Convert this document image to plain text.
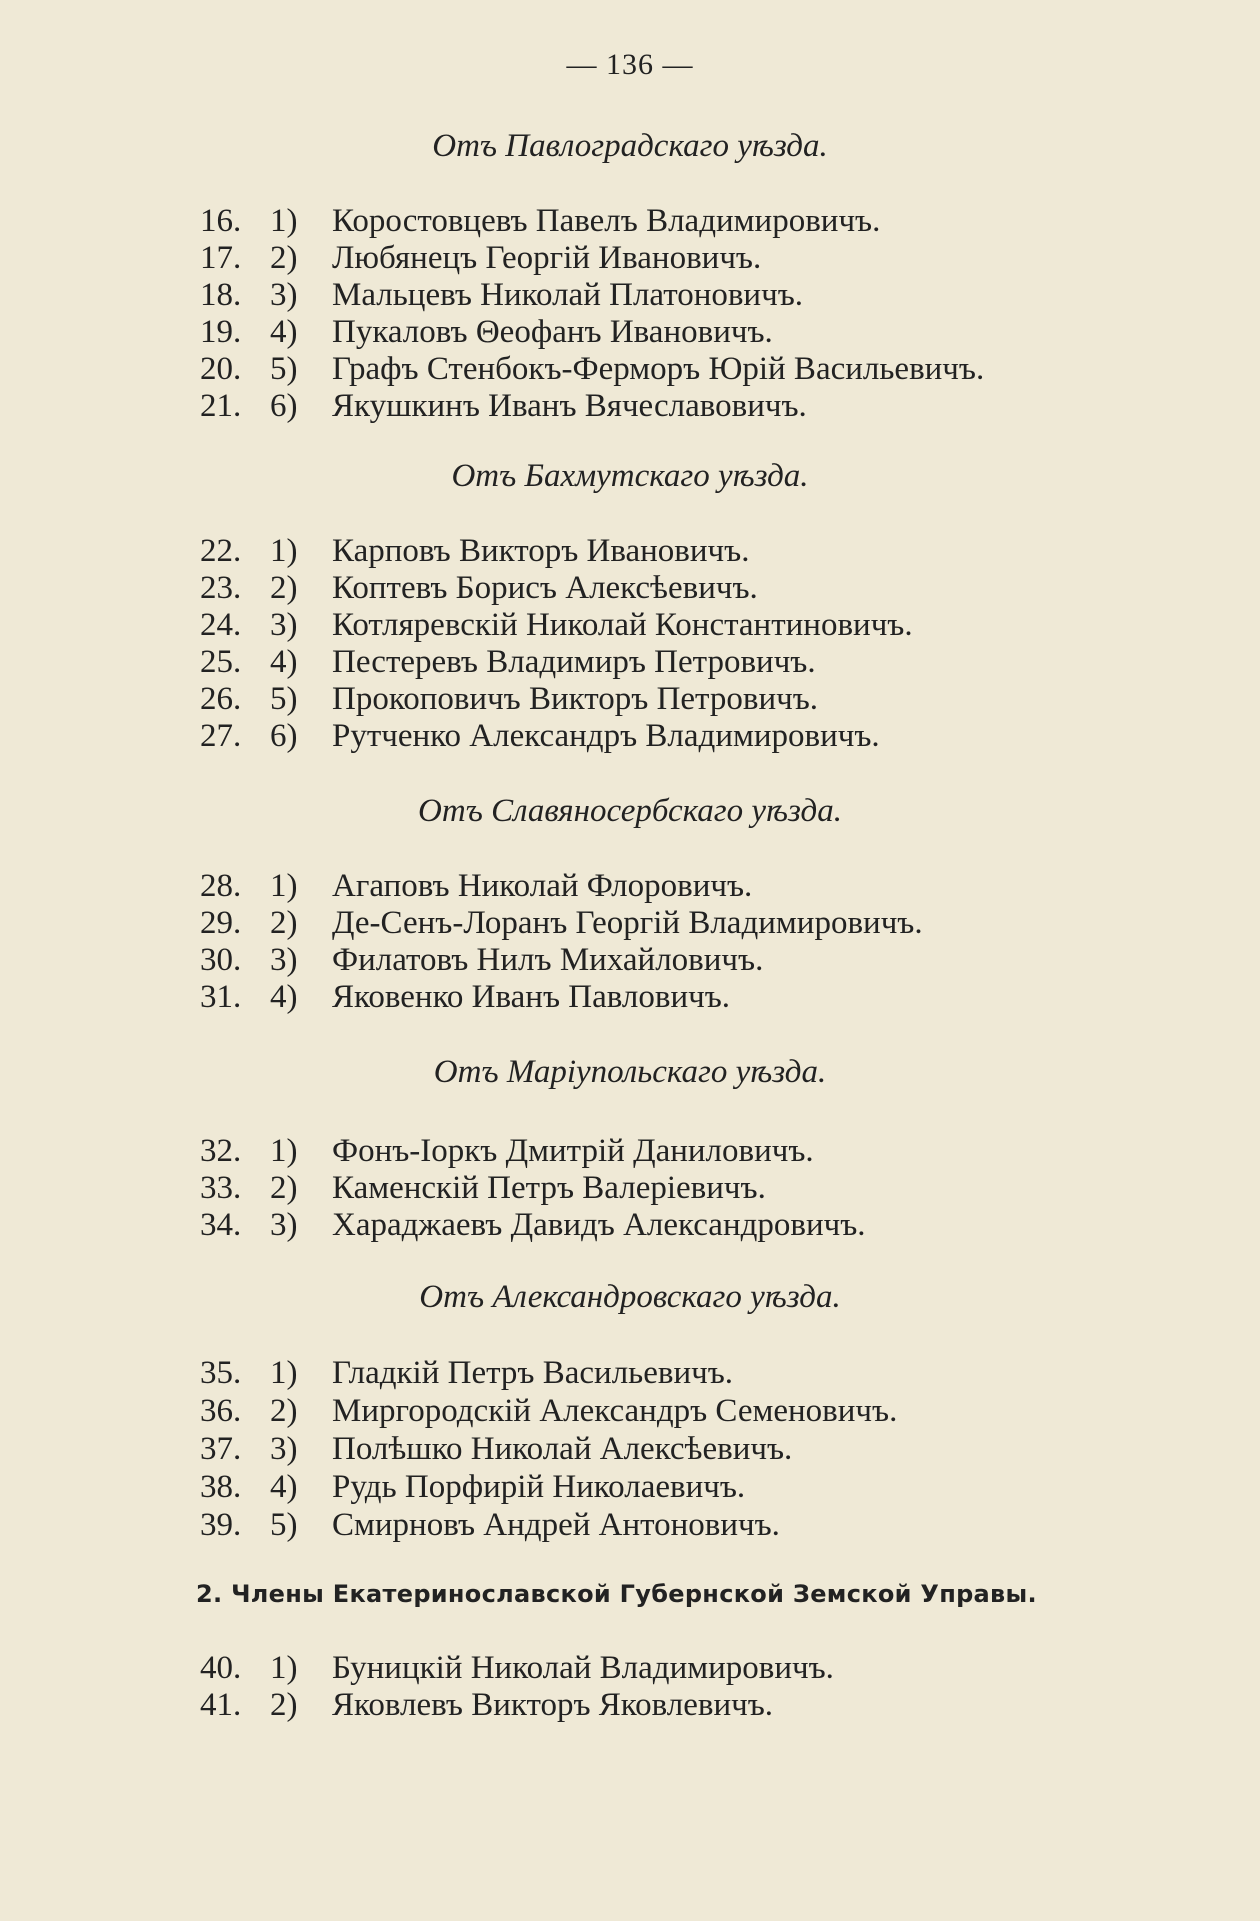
— 136 —
Отъ Павлоградскаго уѣзда.
16. 1) Коростовцевъ Павелъ Владимировичъ.
17. 2) Любянецъ Георгій Ивановичъ.
18. 3) Мальцевъ Николай Платоновичъ.
19. 4) Пукаловъ Θеофанъ Ивановичъ.
20. 5) Графъ Стенбокъ-Ферморъ Юрій Васильевичъ.
21. 6) Якушкинъ Иванъ Вячеславовичъ.
Отъ Бахмутскаго уѣзда.
22. 1) Карповъ Викторъ Ивановичъ.
23. 2) Коптевъ Борисъ Алексѣевичъ.
24. 3) Котляревскій Николай Константиновичъ.
25. 4) Пестеревъ Владимиръ Петровичъ.
26. 5) Прокоповичъ Викторъ Петровичъ.
27. 6) Рутченко Александръ Владимировичъ.
Отъ Славяносербскаго уѣзда.
28. 1) Агаповъ Николай Флоровичъ.
29. 2) Де-Сенъ-Лоранъ Георгій Владимировичъ.
30. 3) Филатовъ Нилъ Михайловичъ.
31. 4) Яковенко Иванъ Павловичъ.
Отъ Маріупольскаго уѣзда.
32. 1) Фонъ-Іоркъ Дмитрій Даниловичъ.
33. 2) Каменскій Петръ Валеріевичъ.
34. 3) Хараджаевъ Давидъ Александровичъ.
Отъ Александровскаго уѣзда.
35. 1) Гладкій Петръ Васильевичъ.
36. 2) Миргородскій Александръ Семеновичъ.
37. 3) Полѣшко Николай Алексѣевичъ.
38. 4) Рудь Порфирій Николаевичъ.
39. 5) Смирновъ Андрей Антоновичъ.
2. Члены Екатеринославской Губернской Земской Управы.
40. 1) Буницкій Николай Владимировичъ.
41. 2) Яковлевъ Викторъ Яковлевичъ.
